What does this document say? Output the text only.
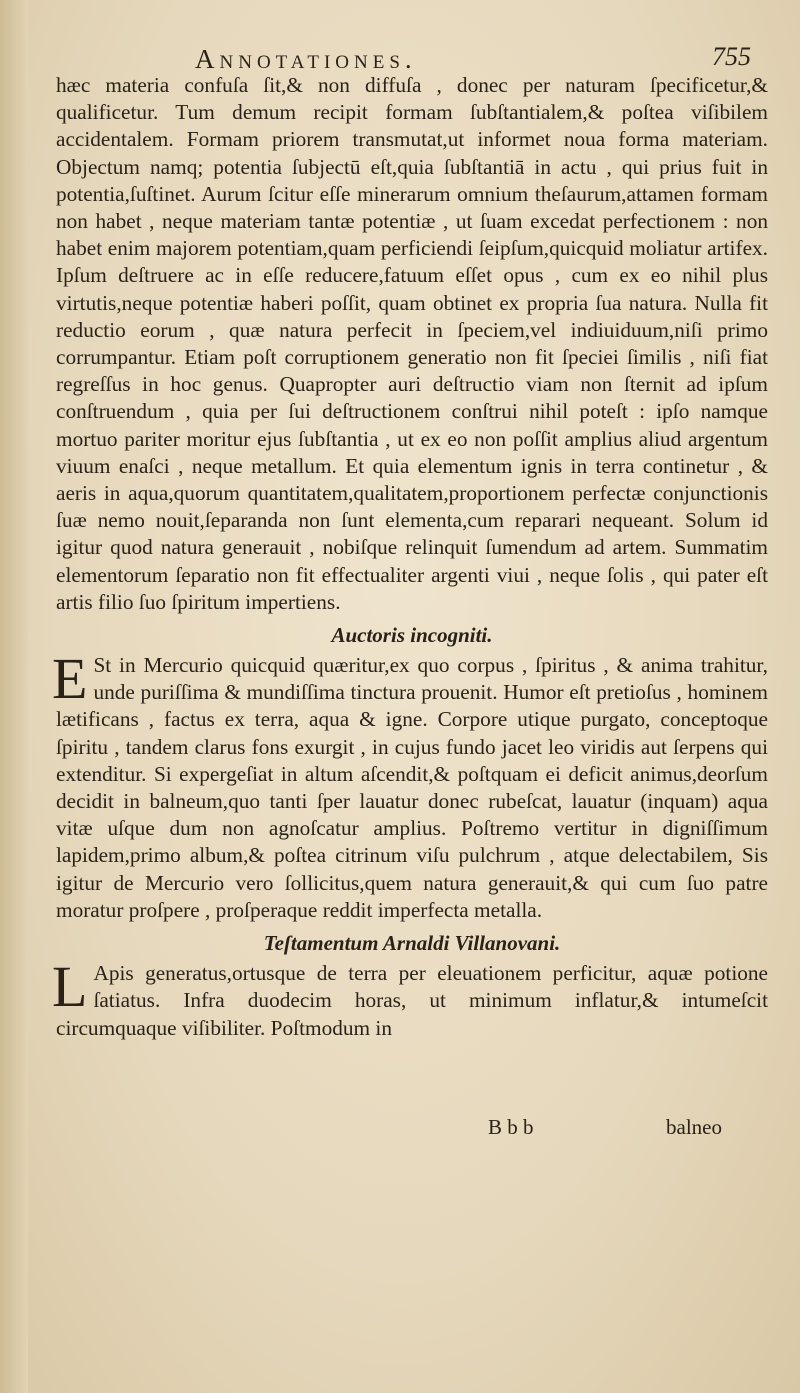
Annotationes.	755

hæc materia confuſa ſit,& non diffuſa , donec per naturam ſpecificetur,& qualificetur. Tum demum recipit formam ſubſtantialem,& poſtea viſibilem accidentalem. Formam priorem transmutat,ut informet noua forma materiam. Objectum namq; potentia ſubjectū eſt,quia ſubſtantiā in actu , qui prius fuit in potentia,ſuſtinet. Aurum ſcitur eſſe minerarum omnium theſaurum,attamen formam non habet , neque materiam tantæ potentiæ , ut ſuam excedat perfectionem : non habet enim majorem potentiam,quam perficiendi ſeipſum,quicquid moliatur artifex. Ipſum deſtruere ac in eſſe reducere,fatuum eſſet opus , cum ex eo nihil plus virtutis,neque potentiæ haberi poſſit, quam obtinet ex propria ſua natura. Nulla fit reductio eorum , quæ natura perfecit in ſpeciem,vel indiuiduum,niſi primo corrumpantur. Etiam poſt corruptionem generatio non fit ſpeciei ſimilis , niſi fiat regreſſus in hoc genus. Quapropter auri deſtructio viam non ſternit ad ipſum conſtruendum , quia per ſui deſtructionem conſtrui nihil poteſt : ipſo namque mortuo pariter moritur ejus ſubſtantia , ut ex eo non poſſit amplius aliud argentum viuum enaſci , neque metallum. Et quia elementum ignis in terra continetur , & aeris in aqua,quorum quantitatem,qualitatem,proportionem perfectæ conjunctionis ſuæ nemo nouit,ſeparanda non ſunt elementa,cum reparari nequeant. Solum id igitur quod natura generauit , nobiſque relinquit ſumendum ad artem. Summatim elementorum ſeparatio non fit effectualiter argenti viui , neque ſolis , qui pater eſt artis filio ſuo ſpiritum impertiens.

Auctoris incogniti.

E St in Mercurio quicquid quæritur,ex quo corpus , ſpiritus , & anima trahitur, unde puriſſima & mundiſſima tinctura prouenit. Humor eſt pretioſus , hominem lætificans , factus ex terra, aqua & igne. Corpore utique purgato, conceptoque ſpiritu , tandem clarus fons exurgit , in cujus fundo jacet leo viridis aut ſerpens qui extenditur. Si expergeſiat in altum aſcendit,& poſtquam ei deficit animus,deorſum decidit in balneum,quo tanti ſper lauatur donec rubeſcat, lauatur (inquam) aqua vitæ uſque dum non agnoſcatur amplius. Poſtremo vertitur in digniſſimum lapidem,primo album,& poſtea citrinum viſu pulchrum , atque delectabilem, Sis igitur de Mercurio vero ſollicitus,quem natura generauit,& qui cum ſuo patre moratur proſpere , proſperaque reddit imperfecta metalla.

Teſtamentum Arnaldi Villanovani.

L Apis generatus,ortusque de terra per eleuationem perficitur, aquæ potione ſatiatus. Infra duodecim horas, ut minimum inflatur,& intumeſcit circumquaque viſibiliter. Poſtmodum in

B b b	balneo
